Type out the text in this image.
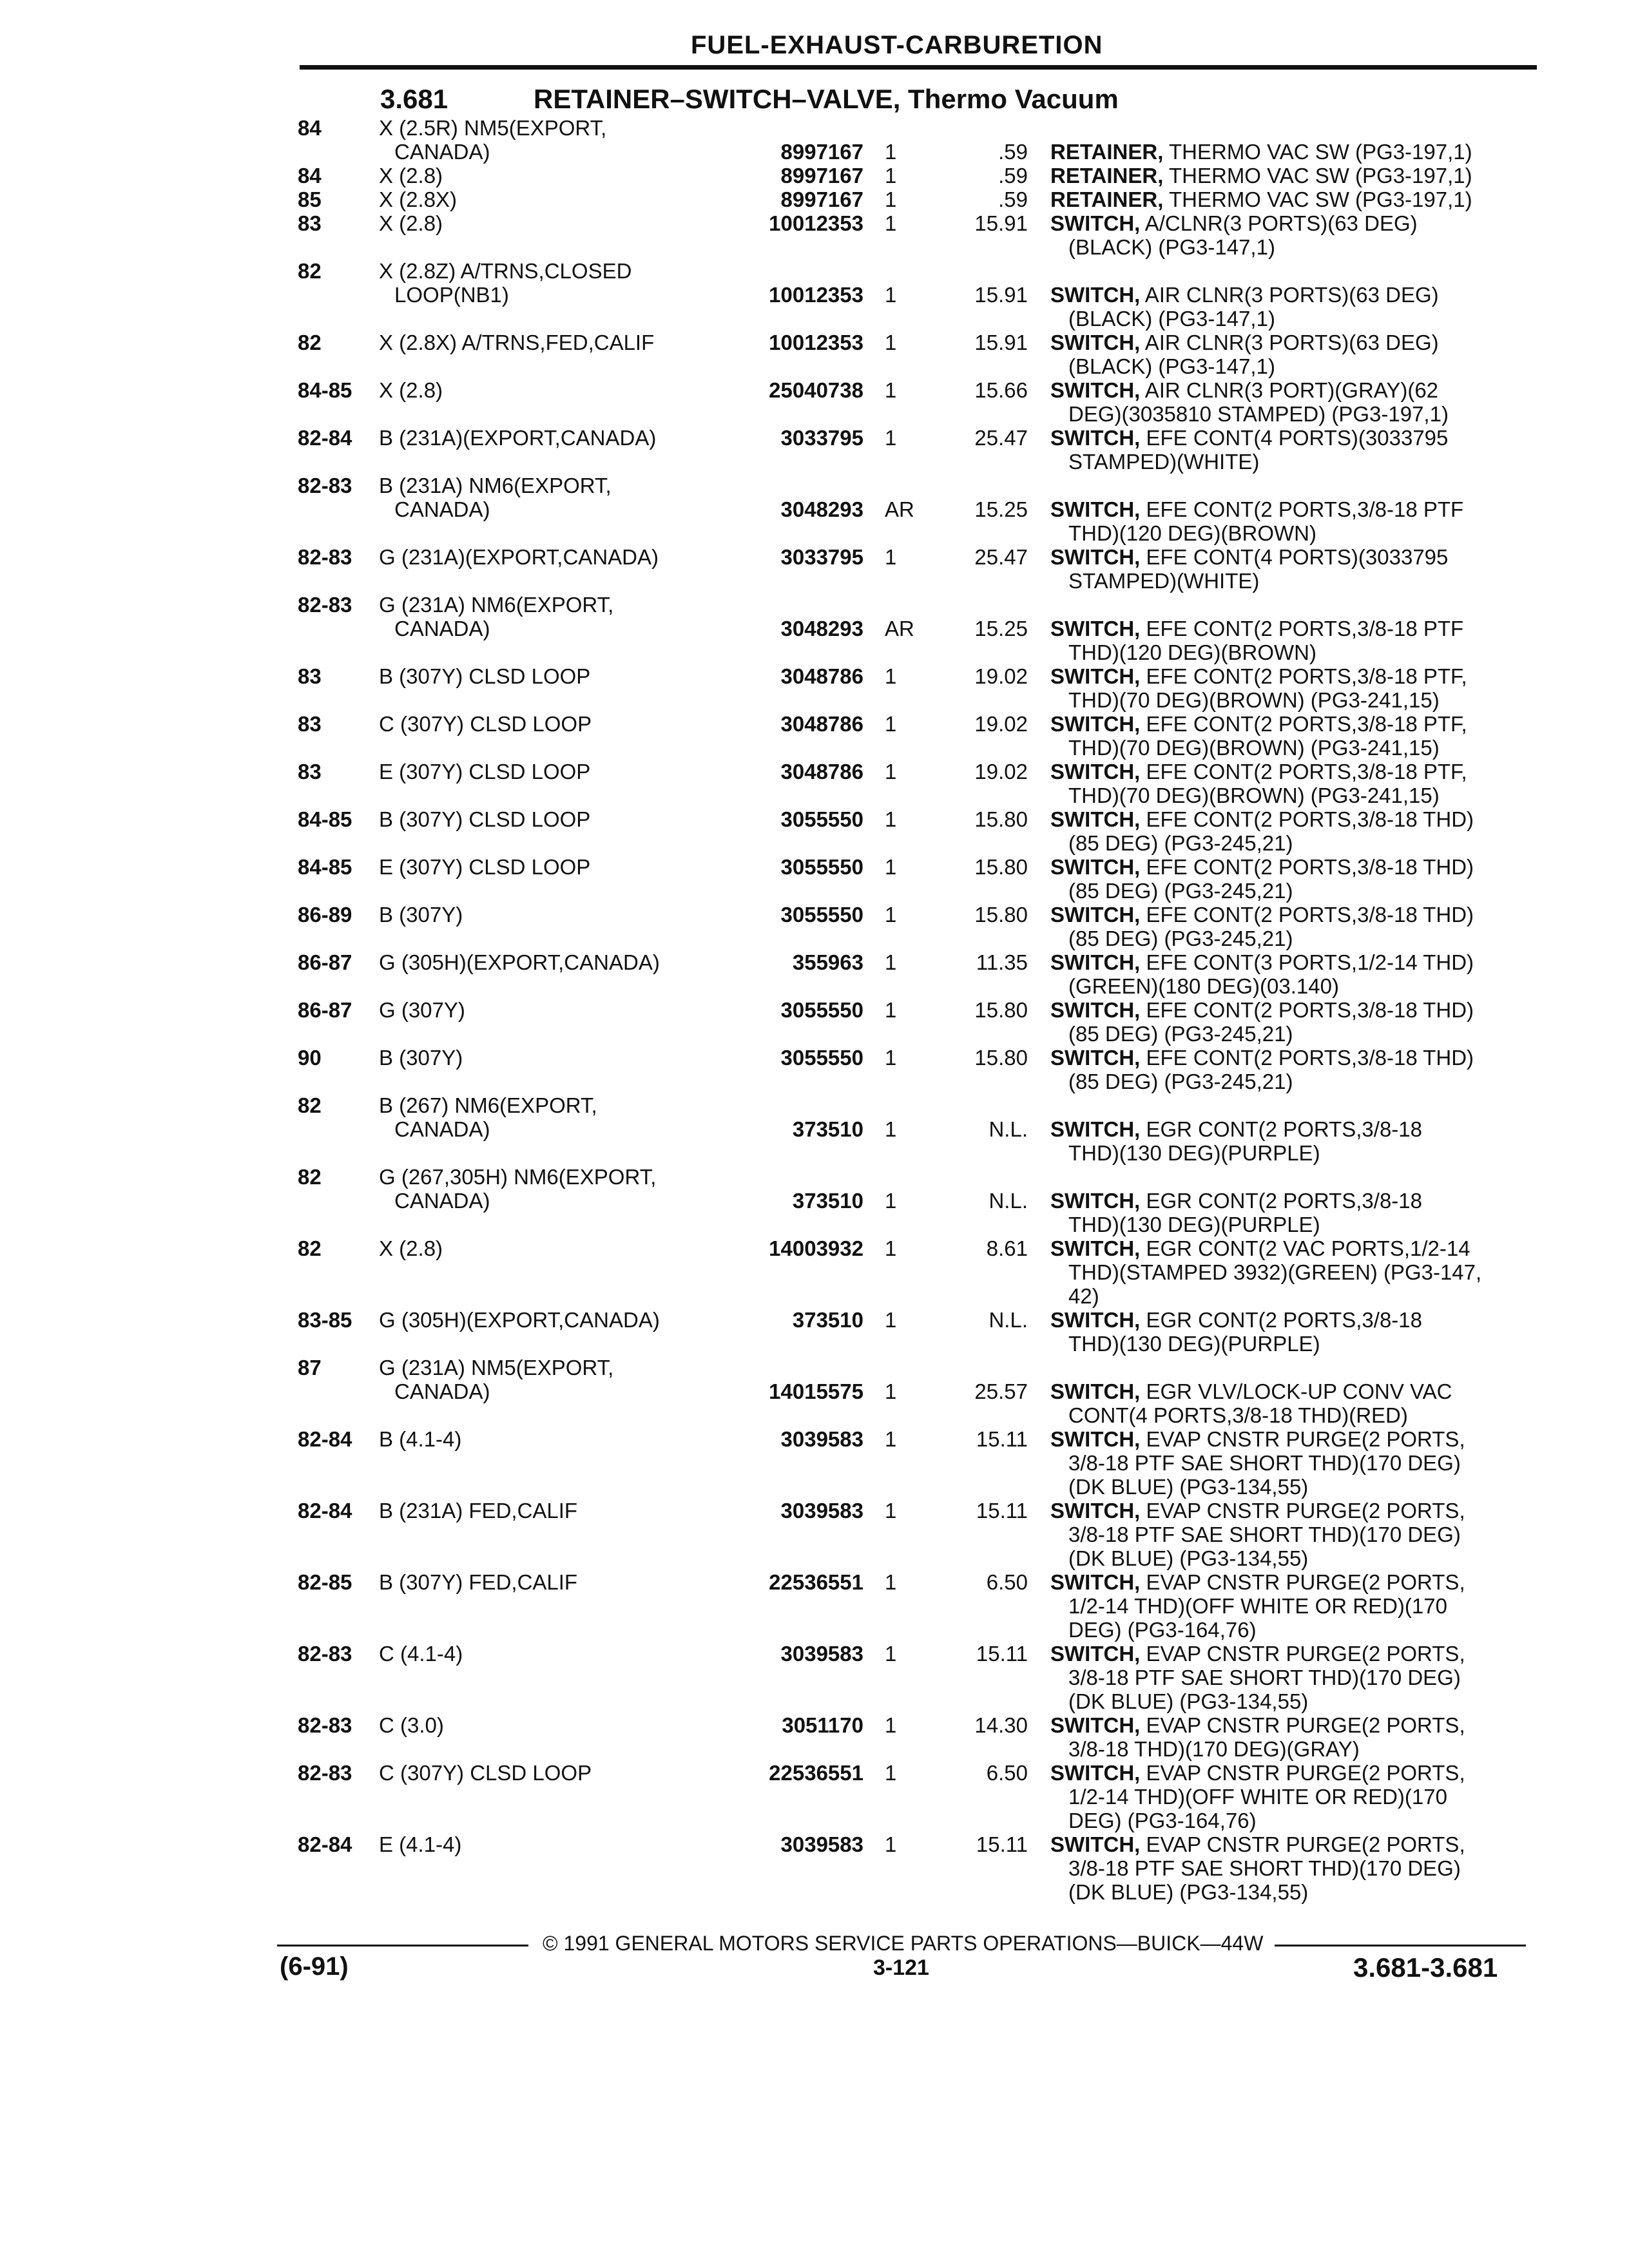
FUEL-EXHAUST-CARBURETION
3.681	RETAINER–SWITCH–VALVE, Thermo Vacuum
84	X (2.5R) NM5(EXPORT,
CANADA)	8997167 1	.59 RETAINER, THERMO VAC SW (PG3-197,1)
84	X (2.8)	8997167 1	.59 RETAINER, THERMO VAC SW (PG3-197,1)
85	X (2.8X)	8997167 1	.59 RETAINER, THERMO VAC SW (PG3-197,1)
83	X (2.8)	10012353 1	15.91 SWITCH, A/CLNR(3 PORTS)(63 DEG)
(BLACK) (PG3-147,1)
82	X (2.8Z) A/TRNS,CLOSED
LOOP(NB1)	10012353 1	15.91 SWITCH, AIR CLNR(3 PORTS)(63 DEG)
(BLACK) (PG3-147,1)
82	X (2.8X) A/TRNS,FED,CALIF	10012353 1	15.91 SWITCH, AIR CLNR(3 PORTS)(63 DEG)
(BLACK) (PG3-147,1)
84-85	X (2.8)	25040738 1	15.66 SWITCH, AIR CLNR(3 PORT)(GRAY)(62
DEG)(3035810 STAMPED) (PG3-197,1)
82-84	B (231A)(EXPORT,CANADA)	3033795 1	25.47 SWITCH, EFE CONT(4 PORTS)(3033795
STAMPED)(WHITE)
82-83	B (231A) NM6(EXPORT,
CANADA)	3048293 AR	15.25 SWITCH, EFE CONT(2 PORTS,3/8-18 PTF
THD)(120 DEG)(BROWN)
82-83	G (231A)(EXPORT,CANADA)	3033795 1	25.47 SWITCH, EFE CONT(4 PORTS)(3033795
STAMPED)(WHITE)
82-83	G (231A) NM6(EXPORT,
CANADA)	3048293 AR	15.25 SWITCH, EFE CONT(2 PORTS,3/8-18 PTF
THD)(120 DEG)(BROWN)
83	B (307Y) CLSD LOOP	3048786 1	19.02 SWITCH, EFE CONT(2 PORTS,3/8-18 PTF,
THD)(70 DEG)(BROWN) (PG3-241,15)
83	C (307Y) CLSD LOOP	3048786 1	19.02 SWITCH, EFE CONT(2 PORTS,3/8-18 PTF,
THD)(70 DEG)(BROWN) (PG3-241,15)
83	E (307Y) CLSD LOOP	3048786 1	19.02 SWITCH, EFE CONT(2 PORTS,3/8-18 PTF,
THD)(70 DEG)(BROWN) (PG3-241,15)
84-85	B (307Y) CLSD LOOP	3055550 1	15.80 SWITCH, EFE CONT(2 PORTS,3/8-18 THD)
(85 DEG) (PG3-245,21)
84-85	E (307Y) CLSD LOOP	3055550 1	15.80 SWITCH, EFE CONT(2 PORTS,3/8-18 THD)
(85 DEG) (PG3-245,21)
86-89	B (307Y)	3055550 1	15.80 SWITCH, EFE CONT(2 PORTS,3/8-18 THD)
(85 DEG) (PG3-245,21)
86-87	G (305H)(EXPORT,CANADA)	355963 1	11.35 SWITCH, EFE CONT(3 PORTS,1/2-14 THD)
(GREEN)(180 DEG)(03.140)
86-87	G (307Y)	3055550 1	15.80 SWITCH, EFE CONT(2 PORTS,3/8-18 THD)
(85 DEG) (PG3-245,21)
90	B (307Y)	3055550 1	15.80 SWITCH, EFE CONT(2 PORTS,3/8-18 THD)
(85 DEG) (PG3-245,21)
82	B (267) NM6(EXPORT,
CANADA)	373510 1	N.L. SWITCH, EGR CONT(2 PORTS,3/8-18
THD)(130 DEG)(PURPLE)
82	G (267,305H) NM6(EXPORT,
CANADA)	373510 1	N.L. SWITCH, EGR CONT(2 PORTS,3/8-18
THD)(130 DEG)(PURPLE)
82	X (2.8)	14003932 1	8.61 SWITCH, EGR CONT(2 VAC PORTS,1/2-14
THD)(STAMPED 3932)(GREEN) (PG3-147,
42)
83-85	G (305H)(EXPORT,CANADA)	373510 1	N.L. SWITCH, EGR CONT(2 PORTS,3/8-18
THD)(130 DEG)(PURPLE)
87	G (231A) NM5(EXPORT,
CANADA)	14015575 1	25.57 SWITCH, EGR VLV/LOCK-UP CONV VAC
CONT(4 PORTS,3/8-18 THD)(RED)
82-84	B (4.1-4)	3039583 1	15.11 SWITCH, EVAP CNSTR PURGE(2 PORTS,
3/8-18 PTF SAE SHORT THD)(170 DEG)
(DK BLUE) (PG3-134,55)
82-84	B (231A) FED,CALIF	3039583 1	15.11 SWITCH, EVAP CNSTR PURGE(2 PORTS,
3/8-18 PTF SAE SHORT THD)(170 DEG)
(DK BLUE) (PG3-134,55)
82-85	B (307Y) FED,CALIF	22536551 1	6.50 SWITCH, EVAP CNSTR PURGE(2 PORTS,
1/2-14 THD)(OFF WHITE OR RED)(170
DEG) (PG3-164,76)
82-83	C (4.1-4)	3039583 1	15.11 SWITCH, EVAP CNSTR PURGE(2 PORTS,
3/8-18 PTF SAE SHORT THD)(170 DEG)
(DK BLUE) (PG3-134,55)
82-83	C (3.0)	3051170 1	14.30 SWITCH, EVAP CNSTR PURGE(2 PORTS,
3/8-18 THD)(170 DEG)(GRAY)
82-83	C (307Y) CLSD LOOP	22536551 1	6.50 SWITCH, EVAP CNSTR PURGE(2 PORTS,
1/2-14 THD)(OFF WHITE OR RED)(170
DEG) (PG3-164,76)
82-84	E (4.1-4)	3039583 1	15.11 SWITCH, EVAP CNSTR PURGE(2 PORTS,
3/8-18 PTF SAE SHORT THD)(170 DEG)
(DK BLUE) (PG3-134,55)
© 1991 GENERAL MOTORS SERVICE PARTS OPERATIONS—BUICK—44W
(6-91)	3-121	3.681-3.681
